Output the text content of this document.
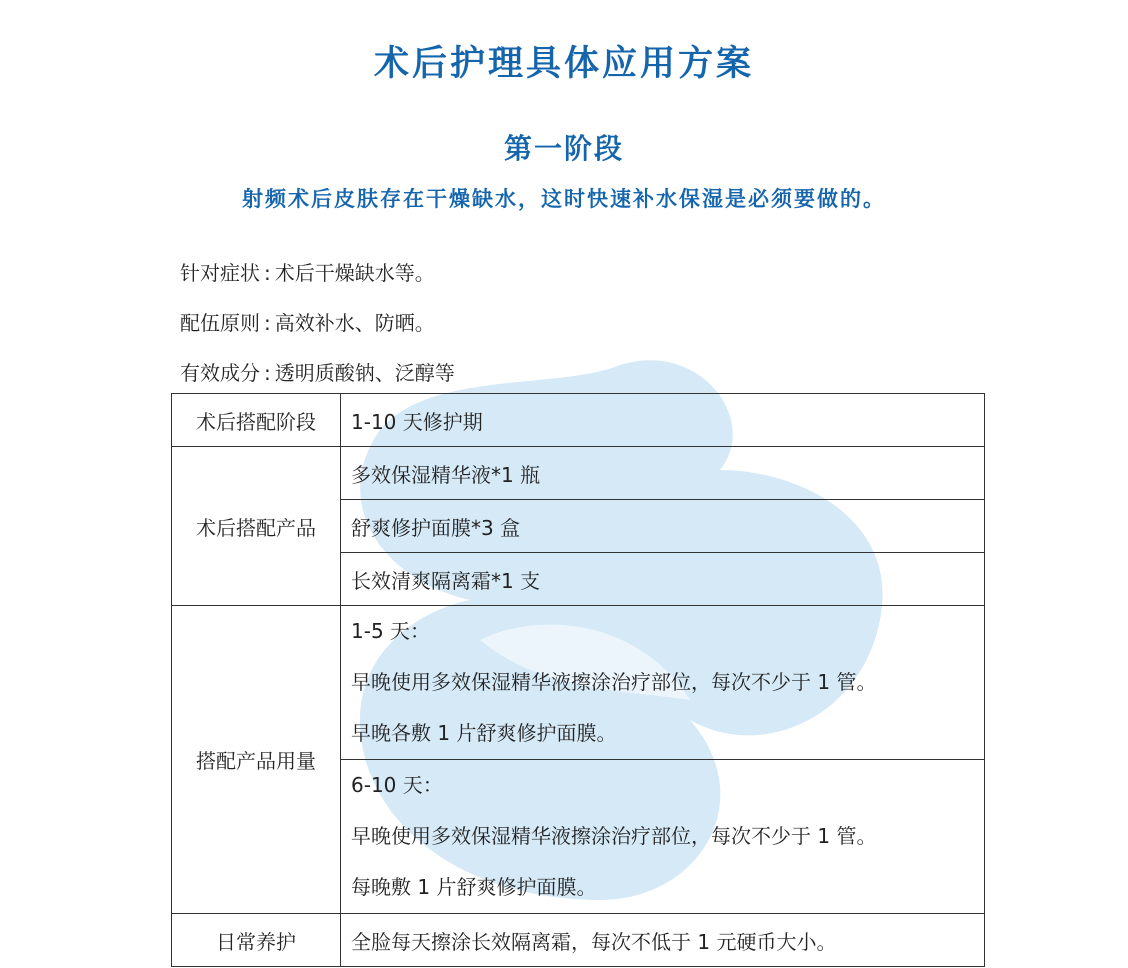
术后护理具体应用方案
第一阶段
射频术后皮肤存在干燥缺水，这时快速补水保湿是必须要做的。
针对症状 : 术后干燥缺水等。
配伍原则 : 高效补水、防晒。
有效成分 : 透明质酸钠、泛醇等
术后搭配阶段	1-10 天修护期
术后搭配产品	多效保湿精华液*1 瓶
	舒爽修护面膜*3 盒
	长效清爽隔离霜*1 支
搭配产品用量	1-5 天：
早晚使用多效保湿精华液擦涂治疗部位，每次不少于 1 管。
早晚各敷 1 片舒爽修护面膜。

	6-10 天：
早晚使用多效保湿精华液擦涂治疗部位，每次不少于 1 管。
每晚敷 1 片舒爽修护面膜。

日常养护	全脸每天擦涂长效隔离霜，每次不低于 1 元硬币大小。
